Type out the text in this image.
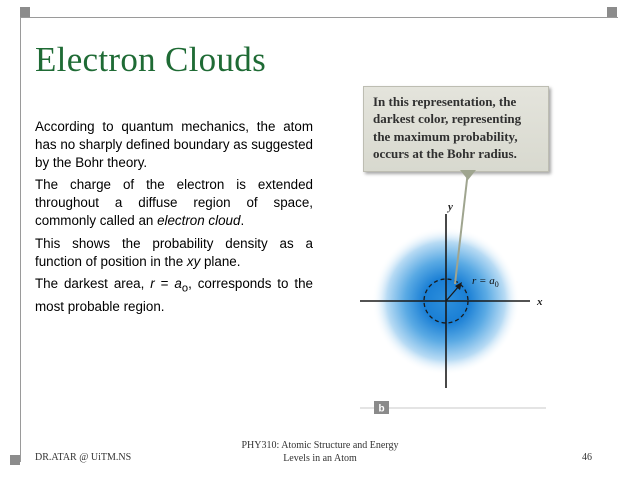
Electron Clouds

According to quantum mechanics, the atom has no sharply defined boundary as suggested by the Bohr theory.

The charge of the electron is extended throughout a diffuse region of space, commonly called an electron cloud.

This shows the probability density as a function of position in the xy plane.

The darkest area, $r = a_o$, corresponds to the most probable region.

In this representation, the
darkest color, representing
the maximum probability,
occurs at the Bohr radius.
y
x
$r = a_0$
b
DR.ATAR @ UiTM.NS
PHY310: Atomic Structure and Energy
Levels in an Atom	46
